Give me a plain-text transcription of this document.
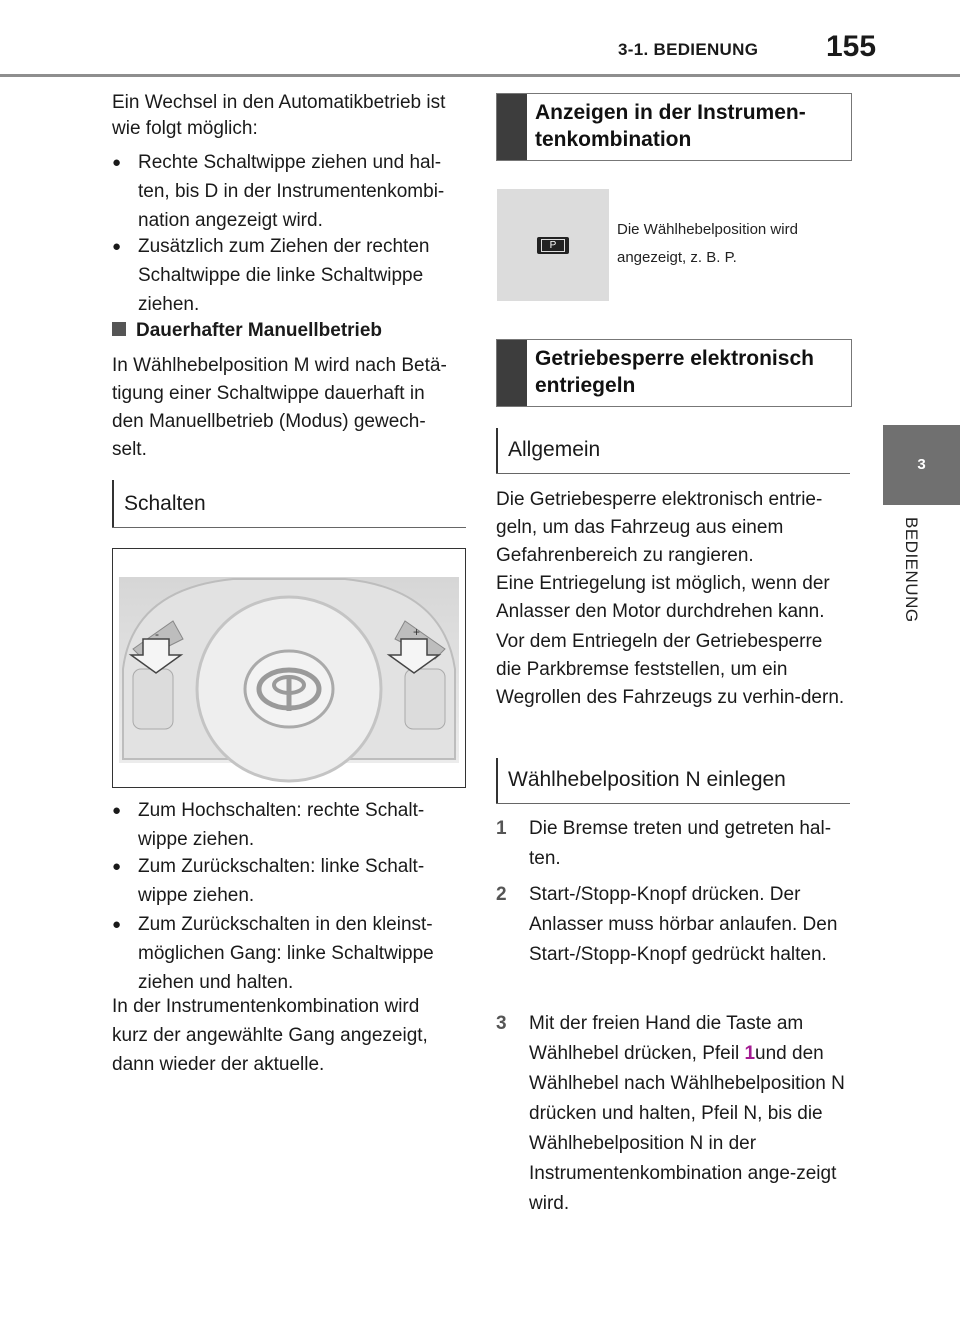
3-1. BEDIENUNG 155
3
BEDIENUNG
Ein Wechsel in den Automatikbetrieb ist wie folgt möglich:
● Rechte Schaltwippe ziehen und hal-ten, bis D in der Instrumentenkombi-nation angezeigt wird.
● Zusätzlich zum Ziehen der rechten Schaltwippe die linke Schaltwippe ziehen.
Dauerhafter Manuellbetrieb
In Wählhebelposition M wird nach Betä-tigung einer Schaltwippe dauerhaft in den Manuellbetrieb (Modus) gewech-selt.
Schalten
-	+
● Zum Hochschalten: rechte Schalt-wippe ziehen.
● Zum Zurückschalten: linke Schalt-wippe ziehen.
● Zum Zurückschalten in den kleinst-möglichen Gang: linke Schaltwippe ziehen und halten.
In der Instrumentenkombination wird kurz der angewählte Gang angezeigt, dann wieder der aktuelle.
Anzeigen in der Instrumen-tenkombination
P
Die Wählhebelposition wird angezeigt, z. B. P.
Getriebesperre elektronisch entriegeln
Allgemein
Die Getriebesperre elektronisch entrie-geln, um das Fahrzeug aus einem Gefahrenbereich zu rangieren.
Eine Entriegelung ist möglich, wenn der Anlasser den Motor durchdrehen kann.
Vor dem Entriegeln der Getriebesperre die Parkbremse feststellen, um ein Wegrollen des Fahrzeugs zu verhin-dern.
Wählhebelposition N einlegen
1 Die Bremse treten und getreten hal-ten.
2 Start-/Stopp-Knopf drücken. Der Anlasser muss hörbar anlaufen. Den Start-/Stopp-Knopf gedrückt halten.
3 Mit der freien Hand die Taste am Wählhebel drücken, Pfeil 1und den Wählhebel nach Wählhebelposition N drücken und halten, Pfeil N, bis die Wählhebelposition N in der Instrumentenkombination ange-zeigt wird.
